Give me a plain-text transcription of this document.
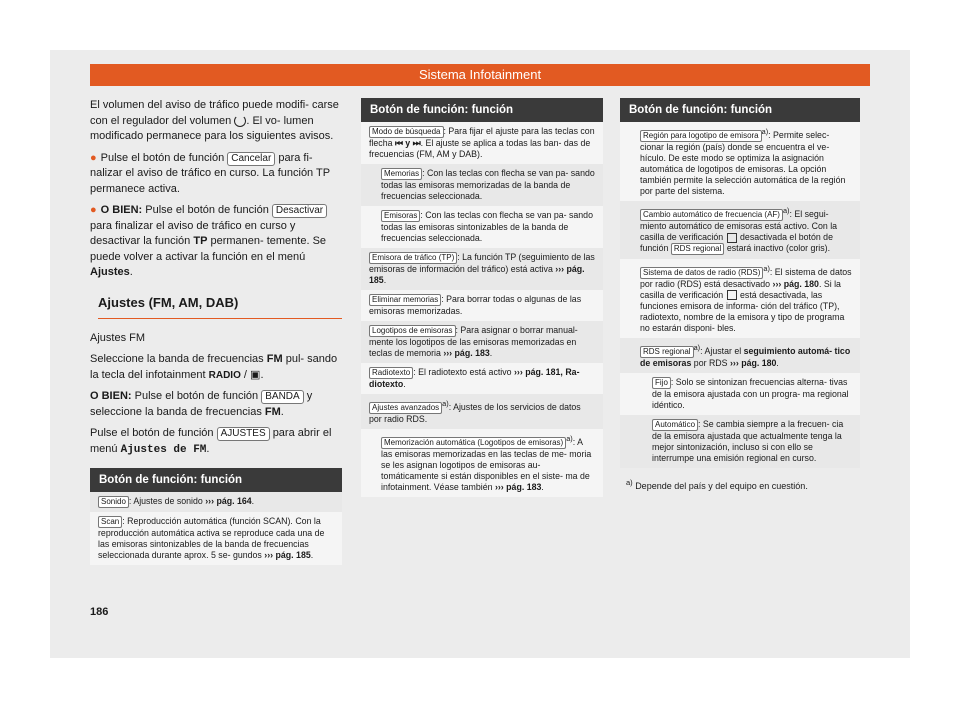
Sistema Infotainment

El volumen del aviso de tráfico puede modifi- carse con el regulador del volumen . El vo- lumen modificado permanece para los siguientes avisos.

● Pulse el botón de función Cancelar para fi- nalizar el aviso de tráfico en curso. La función TP permanece activa.

● O BIEN: Pulse el botón de función Desactivar para finalizar el aviso de tráfico en curso y desactivar la función TP permanen- temente. Se puede volver a activar la función en el menú Ajustes.

Ajustes (FM, AM, DAB)

Ajustes FM

Seleccione la banda de frecuencias FM pul- sando la tecla del infotainment RADIO / ▣.

O BIEN: Pulse el botón de función BANDA y seleccione la banda de frecuencias FM.

Pulse el botón de función AJUSTES para abrir el menú Ajustes de FM.

Botón de función: función
Sonido : Ajustes de sonido ››› pág. 164.
Scan : Reproducción automática (función SCAN). Con la reproducción automática activa se reproduce cada una de las emisoras sintonizables de la banda de frecuencias seleccionada durante aprox. 5 se- gundos ››› pág. 185.
Botón de función: función
Modo de búsqueda : Para fijar el ajuste para las teclas con flecha ⏮ y ⏭. El ajuste se aplica a todas las ban- das de frecuencias (FM, AM y DAB).
Memorias : Con las teclas con flecha se van pa- sando todas las emisoras memorizadas de la banda de frecuencias seleccionada.
Emisoras : Con las teclas con flecha se van pa- sando todas las emisoras sintonizables de la banda de frecuencias seleccionada.
Emisora de tráfico (TP) : La función TP (seguimiento de las emisoras de información del tráfico) está activa ››› pág. 185.
Eliminar memorias : Para borrar todas o algunas de las emisoras memorizadas.
Logotipos de emisoras : Para asignar o borrar manual- mente los logotipos de las emisoras memorizadas en teclas de memoria ››› pág. 183.
Radiotexto : El radiotexto está activo ››› pág. 181, Ra- diotexto.
Ajustes avanzados $^{a)}$: Ajustes de los servicios de datos por radio RDS.
Memorización automática (Logotipos de emisoras) $^{a)}$: A las emisoras memorizadas en las teclas de me- moria se les asignan logotipos de emisoras au- tomáticamente si están disponibles en el siste- ma de infotainment. Véase también ››› pág. 183.
Botón de función: función
Región para logotipo de emisora $^{a)}$: Permite selec- cionar la región (país) donde se encuentra el ve- hículo. De este modo se optimiza la asignación automática de logotipos de emisoras. La opción también permite la selección automática de la región por parte del sistema.
Cambio automático de frecuencia (AF) $^{a)}$: El segui- miento automático de emisoras está activo. Con la casilla de verificación desactivada el botón de función RDS regional estará inactivo (color gris).
Sistema de datos de radio (RDS) $^{a)}$: El sistema de datos por radio (RDS) está desactivado ››› pág. 180. Si la casilla de verificación está desactivada, las funciones emisora de informa- ción del tráfico (TP), radiotexto, nombre de la emisora y tipo de programa no estarán disponi- bles.
RDS regional $^{a)}$: Ajustar el seguimiento automá- tico de emisoras por RDS ››› pág. 180.
Fijo : Solo se sintonizan frecuencias alterna- tivas de la emisora ajustada con un progra- ma regional idéntico.
Automático : Se cambia siempre a la frecuen- cia de la emisora ajustada que actualmente tenga la mejor sintonización, incluso si con ello se interrumpe una emisión regional en curso.
$^{a)}$ Depende del país y del equipo en cuestión.
186
